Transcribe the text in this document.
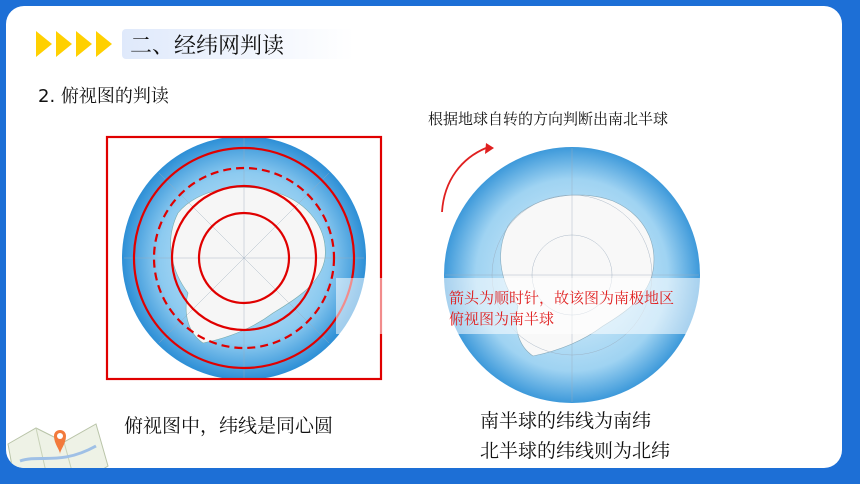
二、经纬网判读
2. 俯视图的判读
根据地球自转的方向判断出南北半球
箭头为顺时针，故该图为南极地区
俯视图为南半球
俯视图中，纬线是同心圆	南半球的纬线为南纬
北半球的纬线则为北纬
